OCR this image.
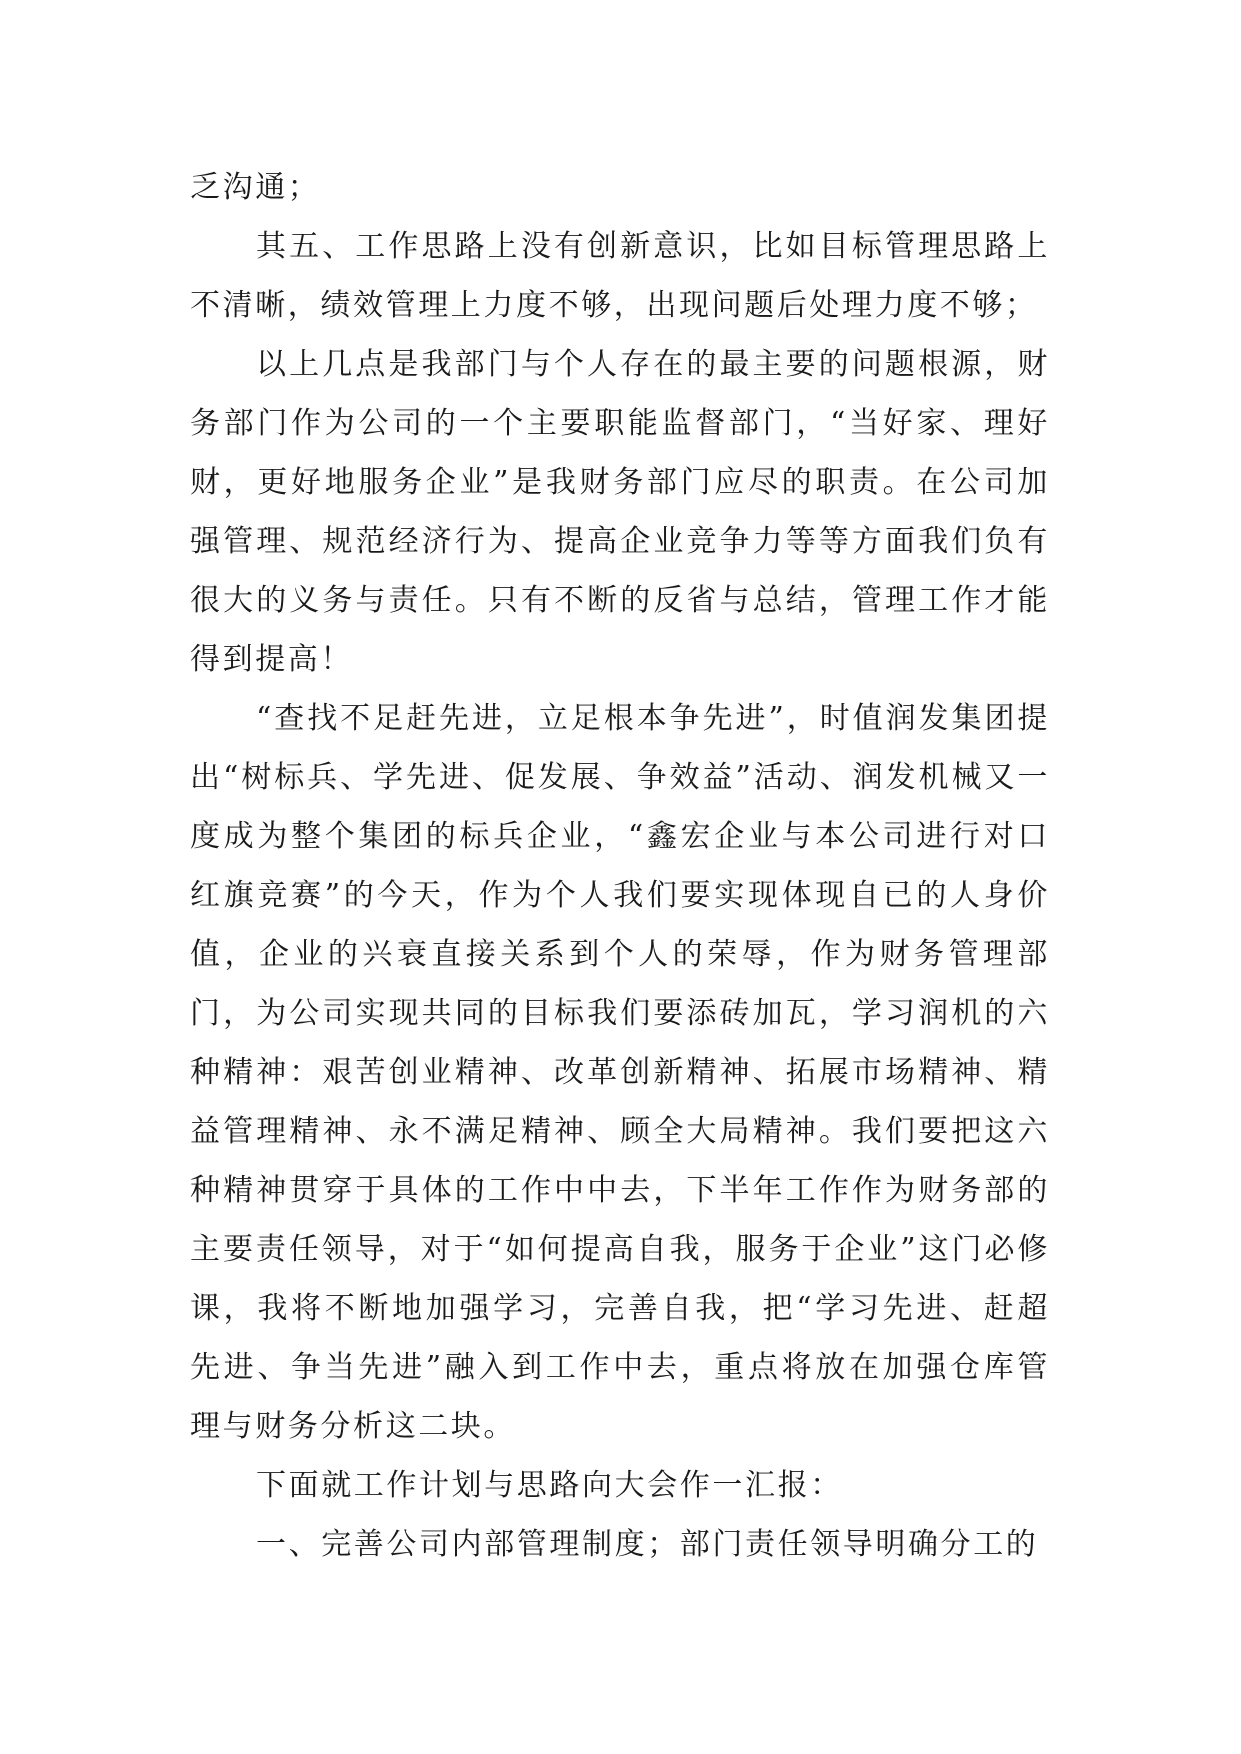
乏沟通；

其五、工作思路上没有创新意识，比如目标管理思路上不清晰，绩效管理上力度不够，出现问题后处理力度不够；

以上几点是我部门与个人存在的最主要的问题根源，财务部门作为公司的一个主要职能监督部门，“当好家、理好财，更好地服务企业”是我财务部门应尽的职责。在公司加强管理、规范经济行为、提高企业竞争力等等方面我们负有很大的义务与责任。只有不断的反省与总结，管理工作才能得到提高！

“查找不足赶先进，立足根本争先进”，时值润发集团提出“树标兵、学先进、促发展、争效益”活动、润发机械又一度成为整个集团的标兵企业，“鑫宏企业与本公司进行对口红旗竞赛”的今天，作为个人我们要实现体现自已的人身价值，企业的兴衰直接关系到个人的荣辱，作为财务管理部门，为公司实现共同的目标我们要添砖加瓦，学习润机的六种精神：艰苦创业精神、改革创新精神、拓展市场精神、精益管理精神、永不满足精神、顾全大局精神。我们要把这六种精神贯穿于具体的工作中中去，下半年工作作为财务部的主要责任领导，对于“如何提高自我，服务于企业”这门必修课，我将不断地加强学习，完善自我，把“学习先进、赶超先进、争当先进”融入到工作中去，重点将放在加强仓库管理与财务分析这二块。

下面就工作计划与思路向大会作一汇报：

一、完善公司内部管理制度；部门责任领导明确分工的
